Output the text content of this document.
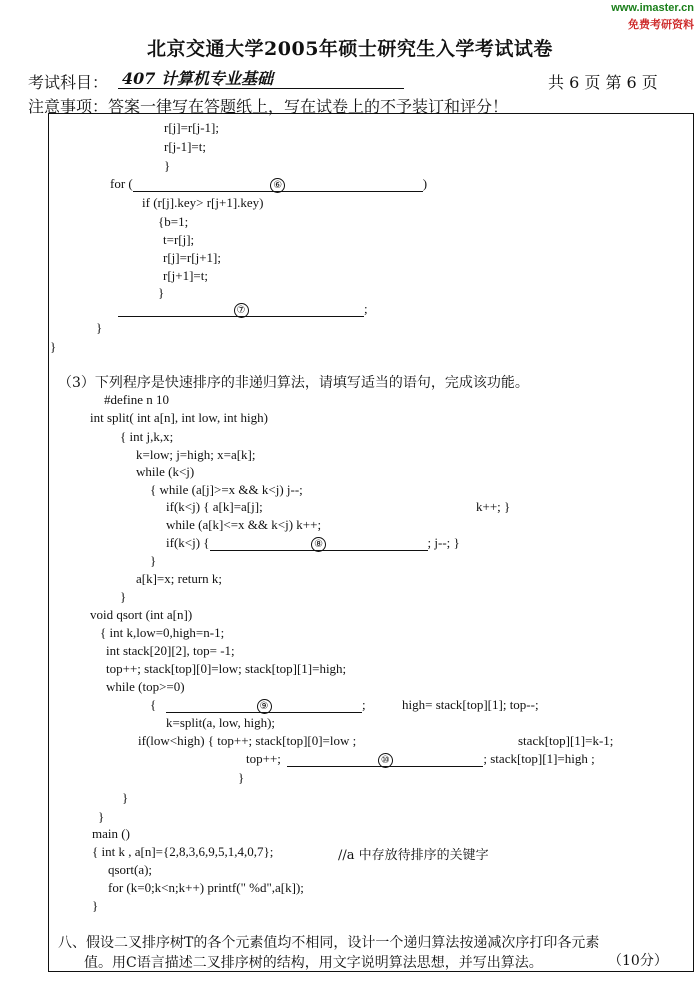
www.imaster.cn
免费考研资料
北京交通大学2005年硕士研究生入学考试试卷
考试科目： 407 计算机专业基础	共 6 页 第 6 页
注意事项：答案一律写在答题纸上，写在试卷上的不予装订和评分！
r[j]=r[j-1];
r[j-1]=t;
}
for (	⑥	)
if (r[j].key> r[j+1].key)
{b=1;
t=r[j];
r[j]=r[j+1];
r[j+1]=t;
}
⑦	;
}
}
（3）下列程序是快速排序的非递归算法，请填写适当的语句，完成该功能。
#define n 10
int split( int a[n], int low, int high)
{ int j,k,x;
k=low; j=high; x=a[k];
while (k<j)
{ while (a[j]>=x && k<j) j--;
if(k<j) { a[k]=a[j];	k++; }
while (a[k]<=x && k<j) k++;
if(k<j) {	⑧	; j--; }
}
a[k]=x; return k;
}
void qsort (int a[n])
{ int k,low=0,high=n-1;
int stack[20][2], top= -1;
top++; stack[top][0]=low; stack[top][1]=high;
while (top>=0)
{	⑨	;	high= stack[top][1]; top--;
k=split(a, low, high);
if(low<high) { top++; stack[top][0]=low ;	stack[top][1]=k-1;
top++;	⑩	; stack[top][1]=high ;
}
}
}
main ()
{ int k , a[n]={2,8,3,6,9,5,1,4,0,7};	//a 中存放待排序的关键字
qsort(a);
for (k=0;k<n;k++) printf(" %d",a[k]);
}
八、假设二叉排序树T的各个元素值均不相同，设计一个递归算法按递减次序打印各元素
值。用C语言描述二叉排序树的结构，用文字说明算法思想，并写出算法。	（10分）
